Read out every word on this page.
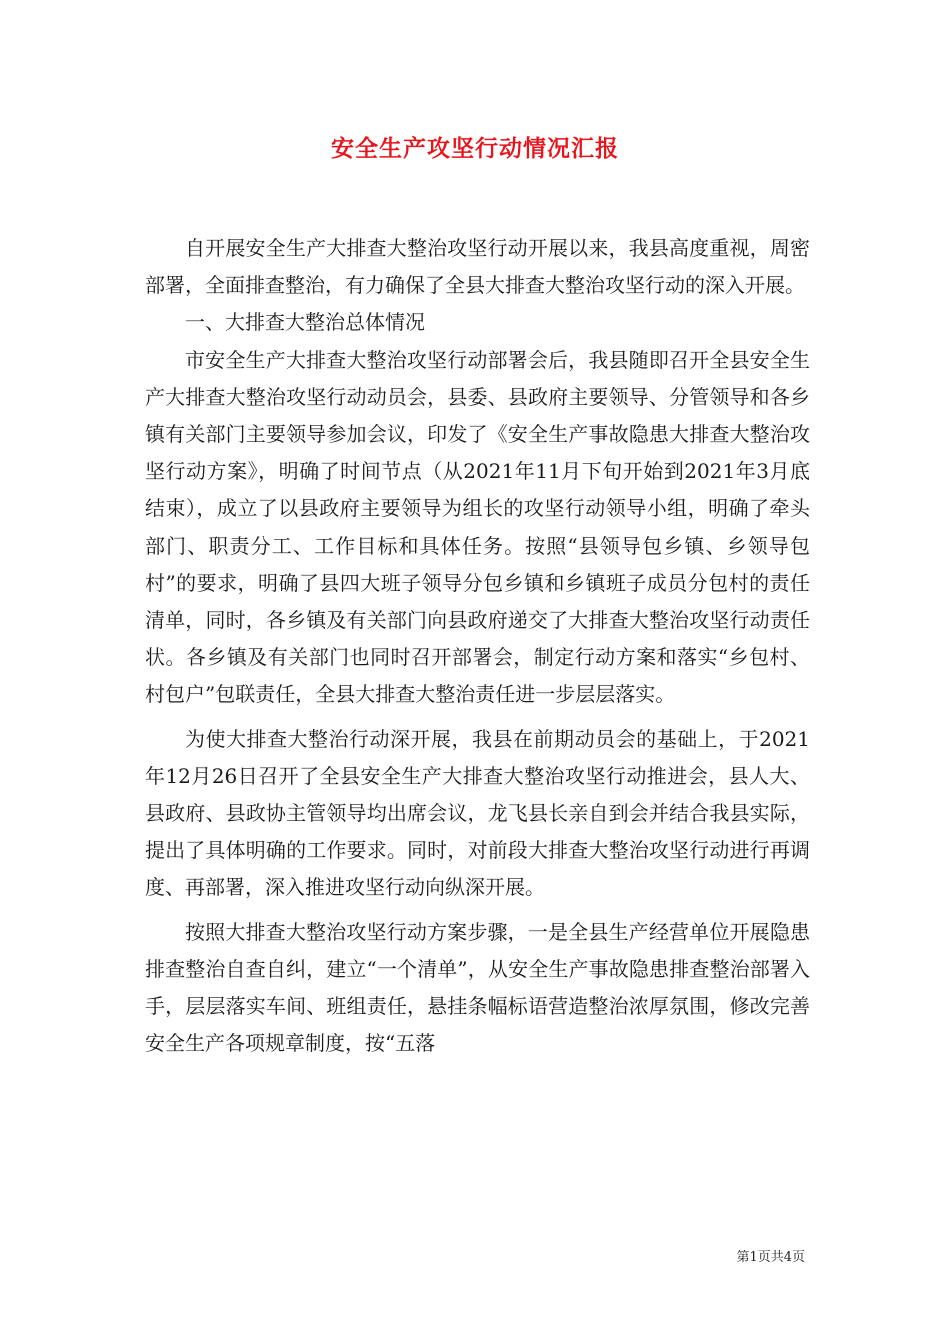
安全生产攻坚行动情况汇报

自开展安全生产大排查大整治攻坚行动开展以来，我县高度重视，周密部署，全面排查整治，有力确保了全县大排查大整治攻坚行动的深入开展。

一、大排查大整治总体情况

市安全生产大排查大整治攻坚行动部署会后，我县随即召开全县安全生产大排查大整治攻坚行动动员会，县委、县政府主要领导、分管领导和各乡镇有关部门主要领导参加会议，印发了《安全生产事故隐患大排查大整治攻坚行动方案》，明确了时间节点（从2021年11月下旬开始到2021年3月底结束），成立了以县政府主要领导为组长的攻坚行动领导小组，明确了牵头部门、职责分工、工作目标和具体任务。按照“县领导包乡镇、乡领导包村”的要求，明确了县四大班子领导分包乡镇和乡镇班子成员分包村的责任清单，同时，各乡镇及有关部门向县政府递交了大排查大整治攻坚行动责任状。各乡镇及有关部门也同时召开部署会，制定行动方案和落实“乡包村、村包户”包联责任，全县大排查大整治责任进一步层层落实。

为使大排查大整治行动深开展，我县在前期动员会的基础上，于2021年12月26日召开了全县安全生产大排查大整治攻坚行动推进会，县人大、县政府、县政协主管领导均出席会议，龙飞县长亲自到会并结合我县实际，提出了具体明确的工作要求。同时，对前段大排查大整治攻坚行动进行再调度、再部署，深入推进攻坚行动向纵深开展。

按照大排查大整治攻坚行动方案步骤，一是全县生产经营单位开展隐患排查整治自查自纠，建立“一个清单”，从安全生产事故隐患排查整治部署入手，层层落实车间、班组责任，悬挂条幅标语营造整治浓厚氛围，修改完善安全生产各项规章制度，按“五落

第1页共4页
